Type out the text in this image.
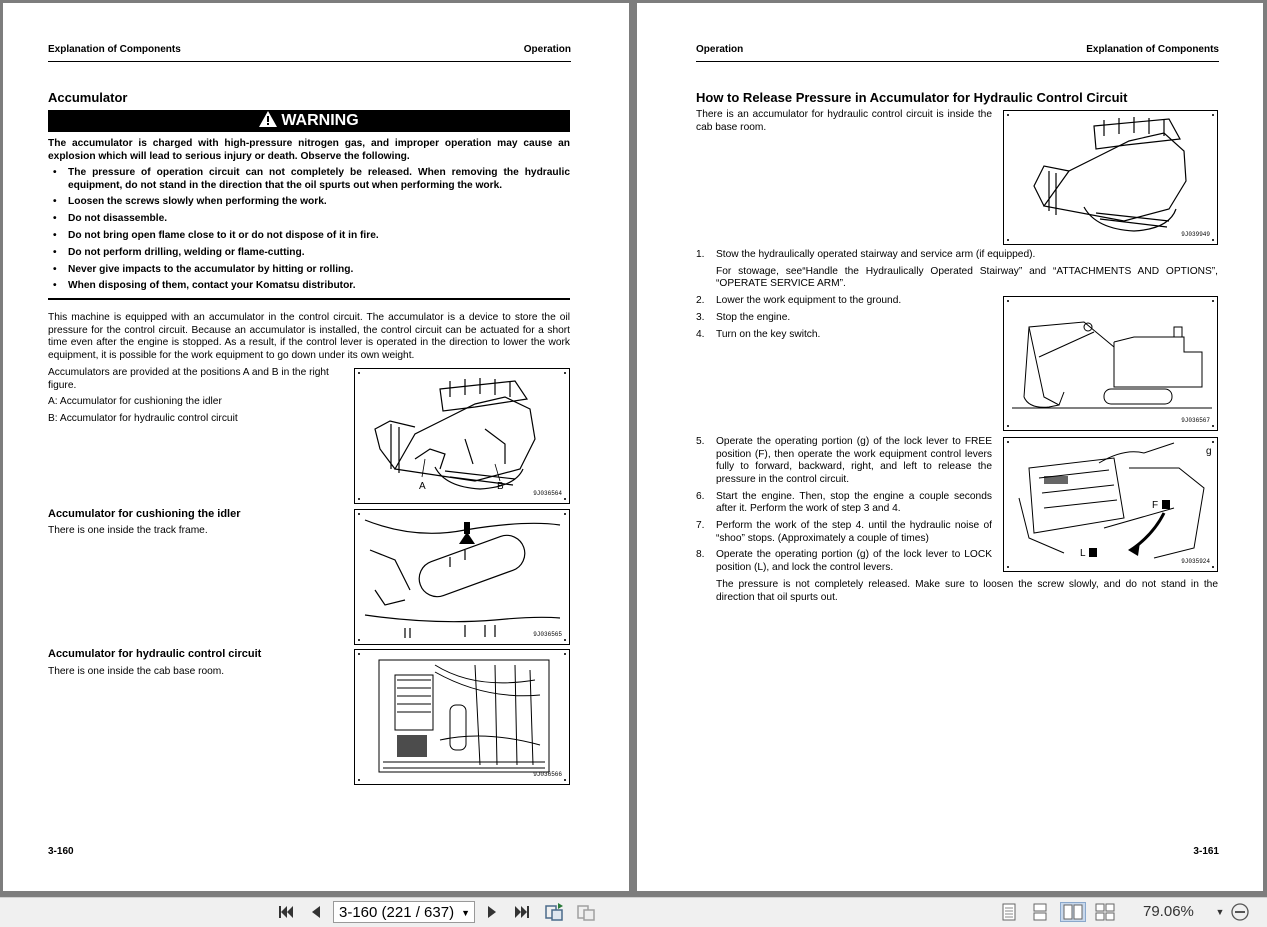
Explanation of Components	Operation
Accumulator
WARNING
The accumulator is charged with high-pressure nitrogen gas, and improper operation may cause an explosion which will lead to serious injury or death. Observe the following.
• The pressure of operation circuit can not completely be released. When removing the hydraulic equipment, do not stand in the direction that the oil spurts out when performing the work.
• Loosen the screws slowly when performing the work.
• Do not disassemble.
• Do not bring open flame close to it or do not dispose of it in fire.
• Do not perform drilling, welding or flame-cutting.
• Never give impacts to the accumulator by hitting or rolling.
• When disposing of them, contact your Komatsu distributor.
This machine is equipped with an accumulator in the control circuit. The accumulator is a device to store the oil pressure for the control circuit. Because an accumulator is installed, the control circuit can be actuated for a short time even after the engine is stopped. As a result, if the control lever is operated in the direction to lower the work equipment, it is possible for the work equipment to go down under its own weight.
Accumulators are provided at the positions A and B in the right figure.
A: Accumulator for cushioning the idler
B: Accumulator for hydraulic control circuit
A	B
9J036564
Accumulator for cushioning the idler
There is one inside the track frame.
9J036565
Accumulator for hydraulic control circuit
There is one inside the cab base room.
9J036566
3-160
Operation	Explanation of Components
How to Release Pressure in Accumulator for Hydraulic Control Circuit
There is an accumulator for hydraulic control circuit is inside the cab base room.
9J039949
1. Stow the hydraulically operated stairway and service arm (if equipped).
For stowage, see“Handle the Hydraulically Operated Stairway” and “ATTACHMENTS AND OPTIONS”, “OPERATE SERVICE ARM”.
2. Lower the work equipment to the ground.
3. Stop the engine.
4. Turn on the key switch.
9J036567
5. Operate the operating portion (g) of the lock lever to FREE position (F), then operate the work equipment control levers fully to forward, backward, right, and left to release the pressure in the control circuit.
6. Start the engine. Then, stop the engine a couple seconds after it. Perform the work of step 3 and 4.
7. Perform the work of the step 4. until the hydraulic noise of “shoo” stops. (Approximately a couple of times)
8. Operate the operating portion (g) of the lock lever to LOCK position (L), and lock the control levers.
The pressure is not completely released. Make sure to loosen the screw slowly, and do not stand in the direction that oil spurts out.
g
F
L
9J035924
3-161
3-160 (221 / 637) ▼	79.06% ▼
